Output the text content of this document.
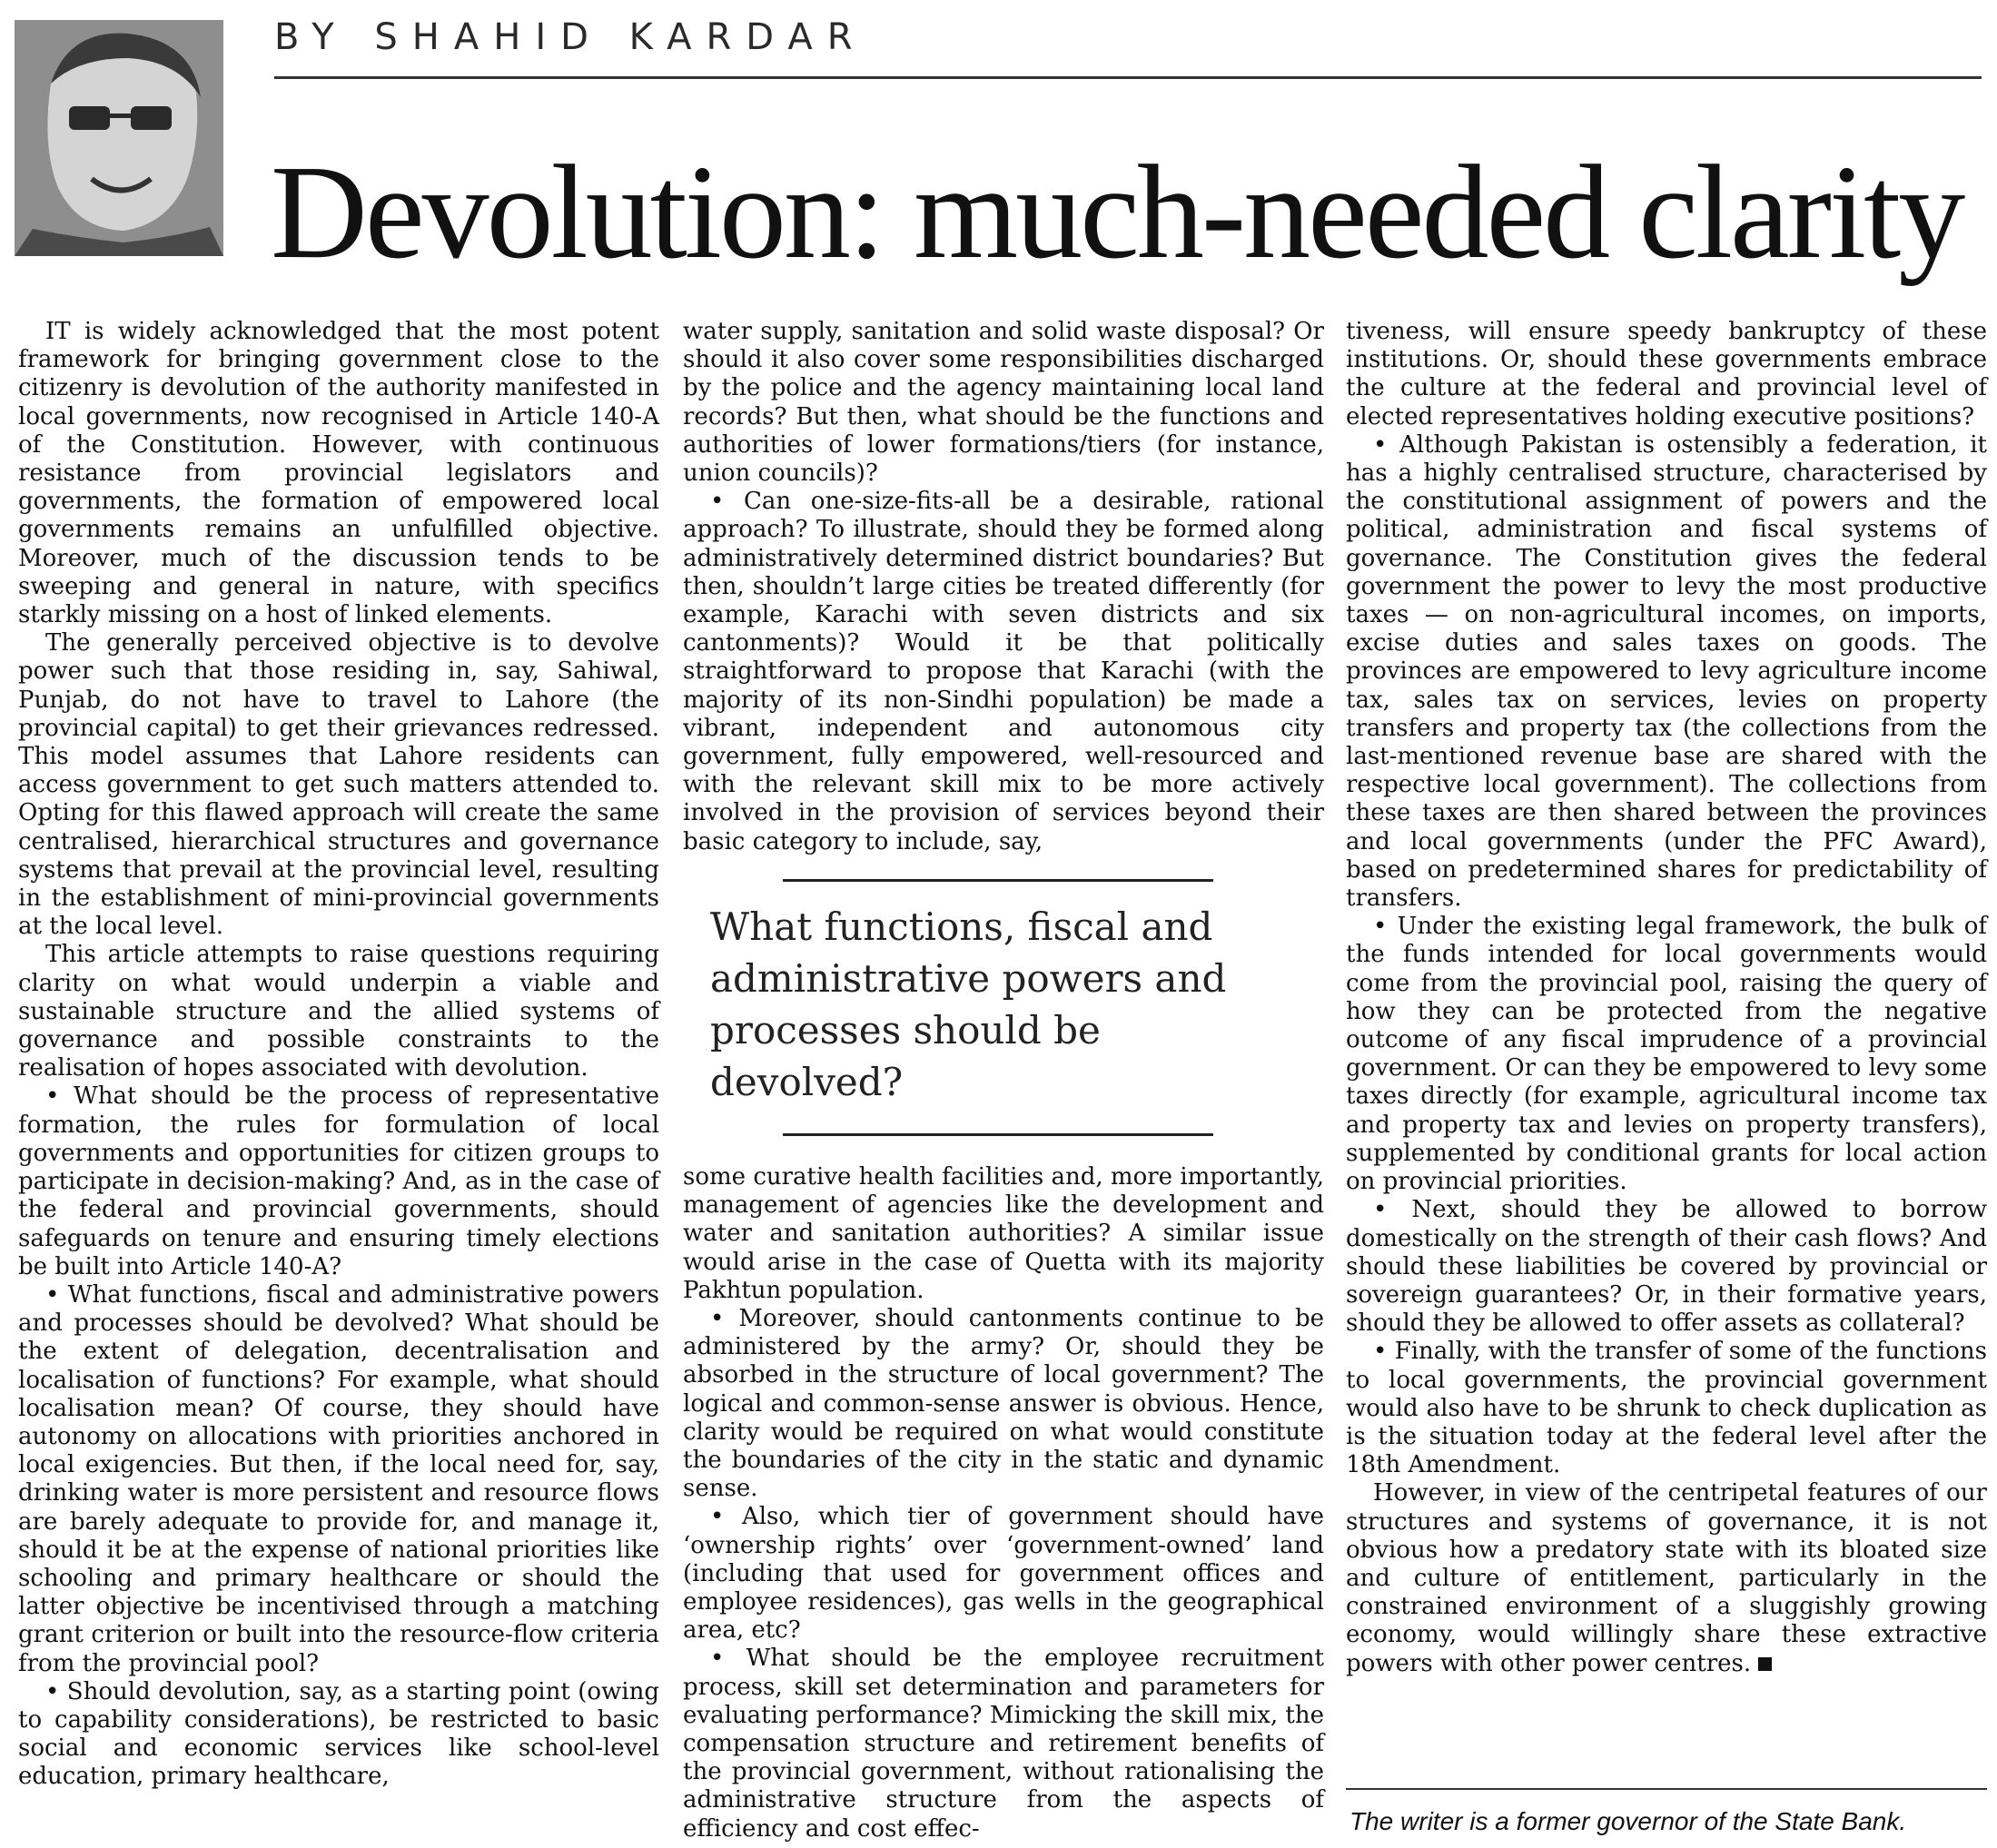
BY SHAHID KARDAR
Devolution: much-needed clarity

IT is widely acknowledged that the most potent framework for bringing government close to the citizenry is devolution of the authority manifested in local governments, now recognised in Article 140-A of the Constitution. However, with continuous resistance from provincial legislators and governments, the formation of empowered local governments remains an unfulfilled objective. Moreover, much of the discussion tends to be sweeping and general in nature, with specifics starkly missing on a host of linked elements.

The generally perceived objective is to devolve power such that those residing in, say, Sahiwal, Punjab, do not have to travel to Lahore (the provincial capital) to get their grievances redressed. This model assumes that Lahore residents can access government to get such matters attended to. Opting for this flawed approach will create the same centralised, hierarchical structures and governance systems that prevail at the provincial level, resulting in the establishment of mini-provincial governments at the local level.

This article attempts to raise questions requiring clarity on what would underpin a viable and sustainable structure and the allied systems of governance and possible constraints to the realisation of hopes associated with devolution.

• What should be the process of representative formation, the rules for formulation of local governments and opportunities for citizen groups to participate in decision-making? And, as in the case of the federal and provincial governments, should safeguards on tenure and ensuring timely elections be built into Article 140-A?

• What functions, fiscal and administrative powers and processes should be devolved? What should be the extent of delegation, decentralisation and localisation of functions? For example, what should localisation mean? Of course, they should have autonomy on allocations with priorities anchored in local exigencies. But then, if the local need for, say, drinking water is more persistent and resource flows are barely adequate to provide for, and manage it, should it be at the expense of national priorities like schooling and primary healthcare or should the latter objective be incentivised through a matching grant criterion or built into the resource-flow criteria from the provincial pool?

• Should devolution, say, as a starting point (owing to capability considerations), be restricted to basic social and economic services like school-level education, primary healthcare,

water supply, sanitation and solid waste disposal? Or should it also cover some responsibilities discharged by the police and the agency maintaining local land records? But then, what should be the functions and authorities of lower formations/tiers (for instance, union councils)?

• Can one-size-fits-all be a desirable, rational approach? To illustrate, should they be formed along administratively determined district boundaries? But then, shouldn’t large cities be treated differently (for example, Karachi with seven districts and six cantonments)? Would it be that politically straightforward to propose that Karachi (with the majority of its non-Sindhi population) be made a vibrant, independent and autonomous city government, fully empowered, well-resourced and with the relevant skill mix to be more actively involved in the provision of services beyond their basic category to include, say,

What functions, fiscal and administrative powers and processes should be devolved?

some curative health facilities and, more importantly, management of agencies like the development and water and sanitation authorities? A similar issue would arise in the case of Quetta with its majority Pakhtun population.

• Moreover, should cantonments continue to be administered by the army? Or, should they be absorbed in the structure of local government? The logical and common-sense answer is obvious. Hence, clarity would be required on what would constitute the boundaries of the city in the static and dynamic sense.

• Also, which tier of government should have ‘ownership rights’ over ‘government-owned’ land (including that used for government offices and employee residences), gas wells in the geographical area, etc?

• What should be the employee recruitment process, skill set determination and parameters for evaluating performance? Mimicking the skill mix, the compensation structure and retirement benefits of the provincial government, without rationalising the administrative structure from the aspects of efficiency and cost effec-

tiveness, will ensure speedy bankruptcy of these institutions. Or, should these governments embrace the culture at the federal and provincial level of elected representatives holding executive positions?

• Although Pakistan is ostensibly a federation, it has a highly centralised structure, characterised by the constitutional assignment of powers and the political, administration and fiscal systems of governance. The Constitution gives the federal government the power to levy the most productive taxes — on non-agricultural incomes, on imports, excise duties and sales taxes on goods. The provinces are empowered to levy agriculture income tax, sales tax on services, levies on property transfers and property tax (the collections from the last-mentioned revenue base are shared with the respective local government). The collections from these taxes are then shared between the provinces and local governments (under the PFC Award), based on predetermined shares for predictability of transfers.

• Under the existing legal framework, the bulk of the funds intended for local governments would come from the provincial pool, raising the query of how they can be protected from the negative outcome of any fiscal imprudence of a provincial government. Or can they be empowered to levy some taxes directly (for example, agricultural income tax and property tax and levies on property transfers), supplemented by conditional grants for local action on provincial priorities.

• Next, should they be allowed to borrow domestically on the strength of their cash flows? And should these liabilities be covered by provincial or sovereign guarantees? Or, in their formative years, should they be allowed to offer assets as collateral?

• Finally, with the transfer of some of the functions to local governments, the provincial government would also have to be shrunk to check duplication as is the situation today at the federal level after the 18th Amendment.

However, in view of the centripetal features of our structures and systems of governance, it is not obvious how a predatory state with its bloated size and culture of entitlement, particularly in the constrained environment of a sluggishly growing economy, would willingly share these extractive powers with other power centres.

The writer is a former governor of the State Bank.
